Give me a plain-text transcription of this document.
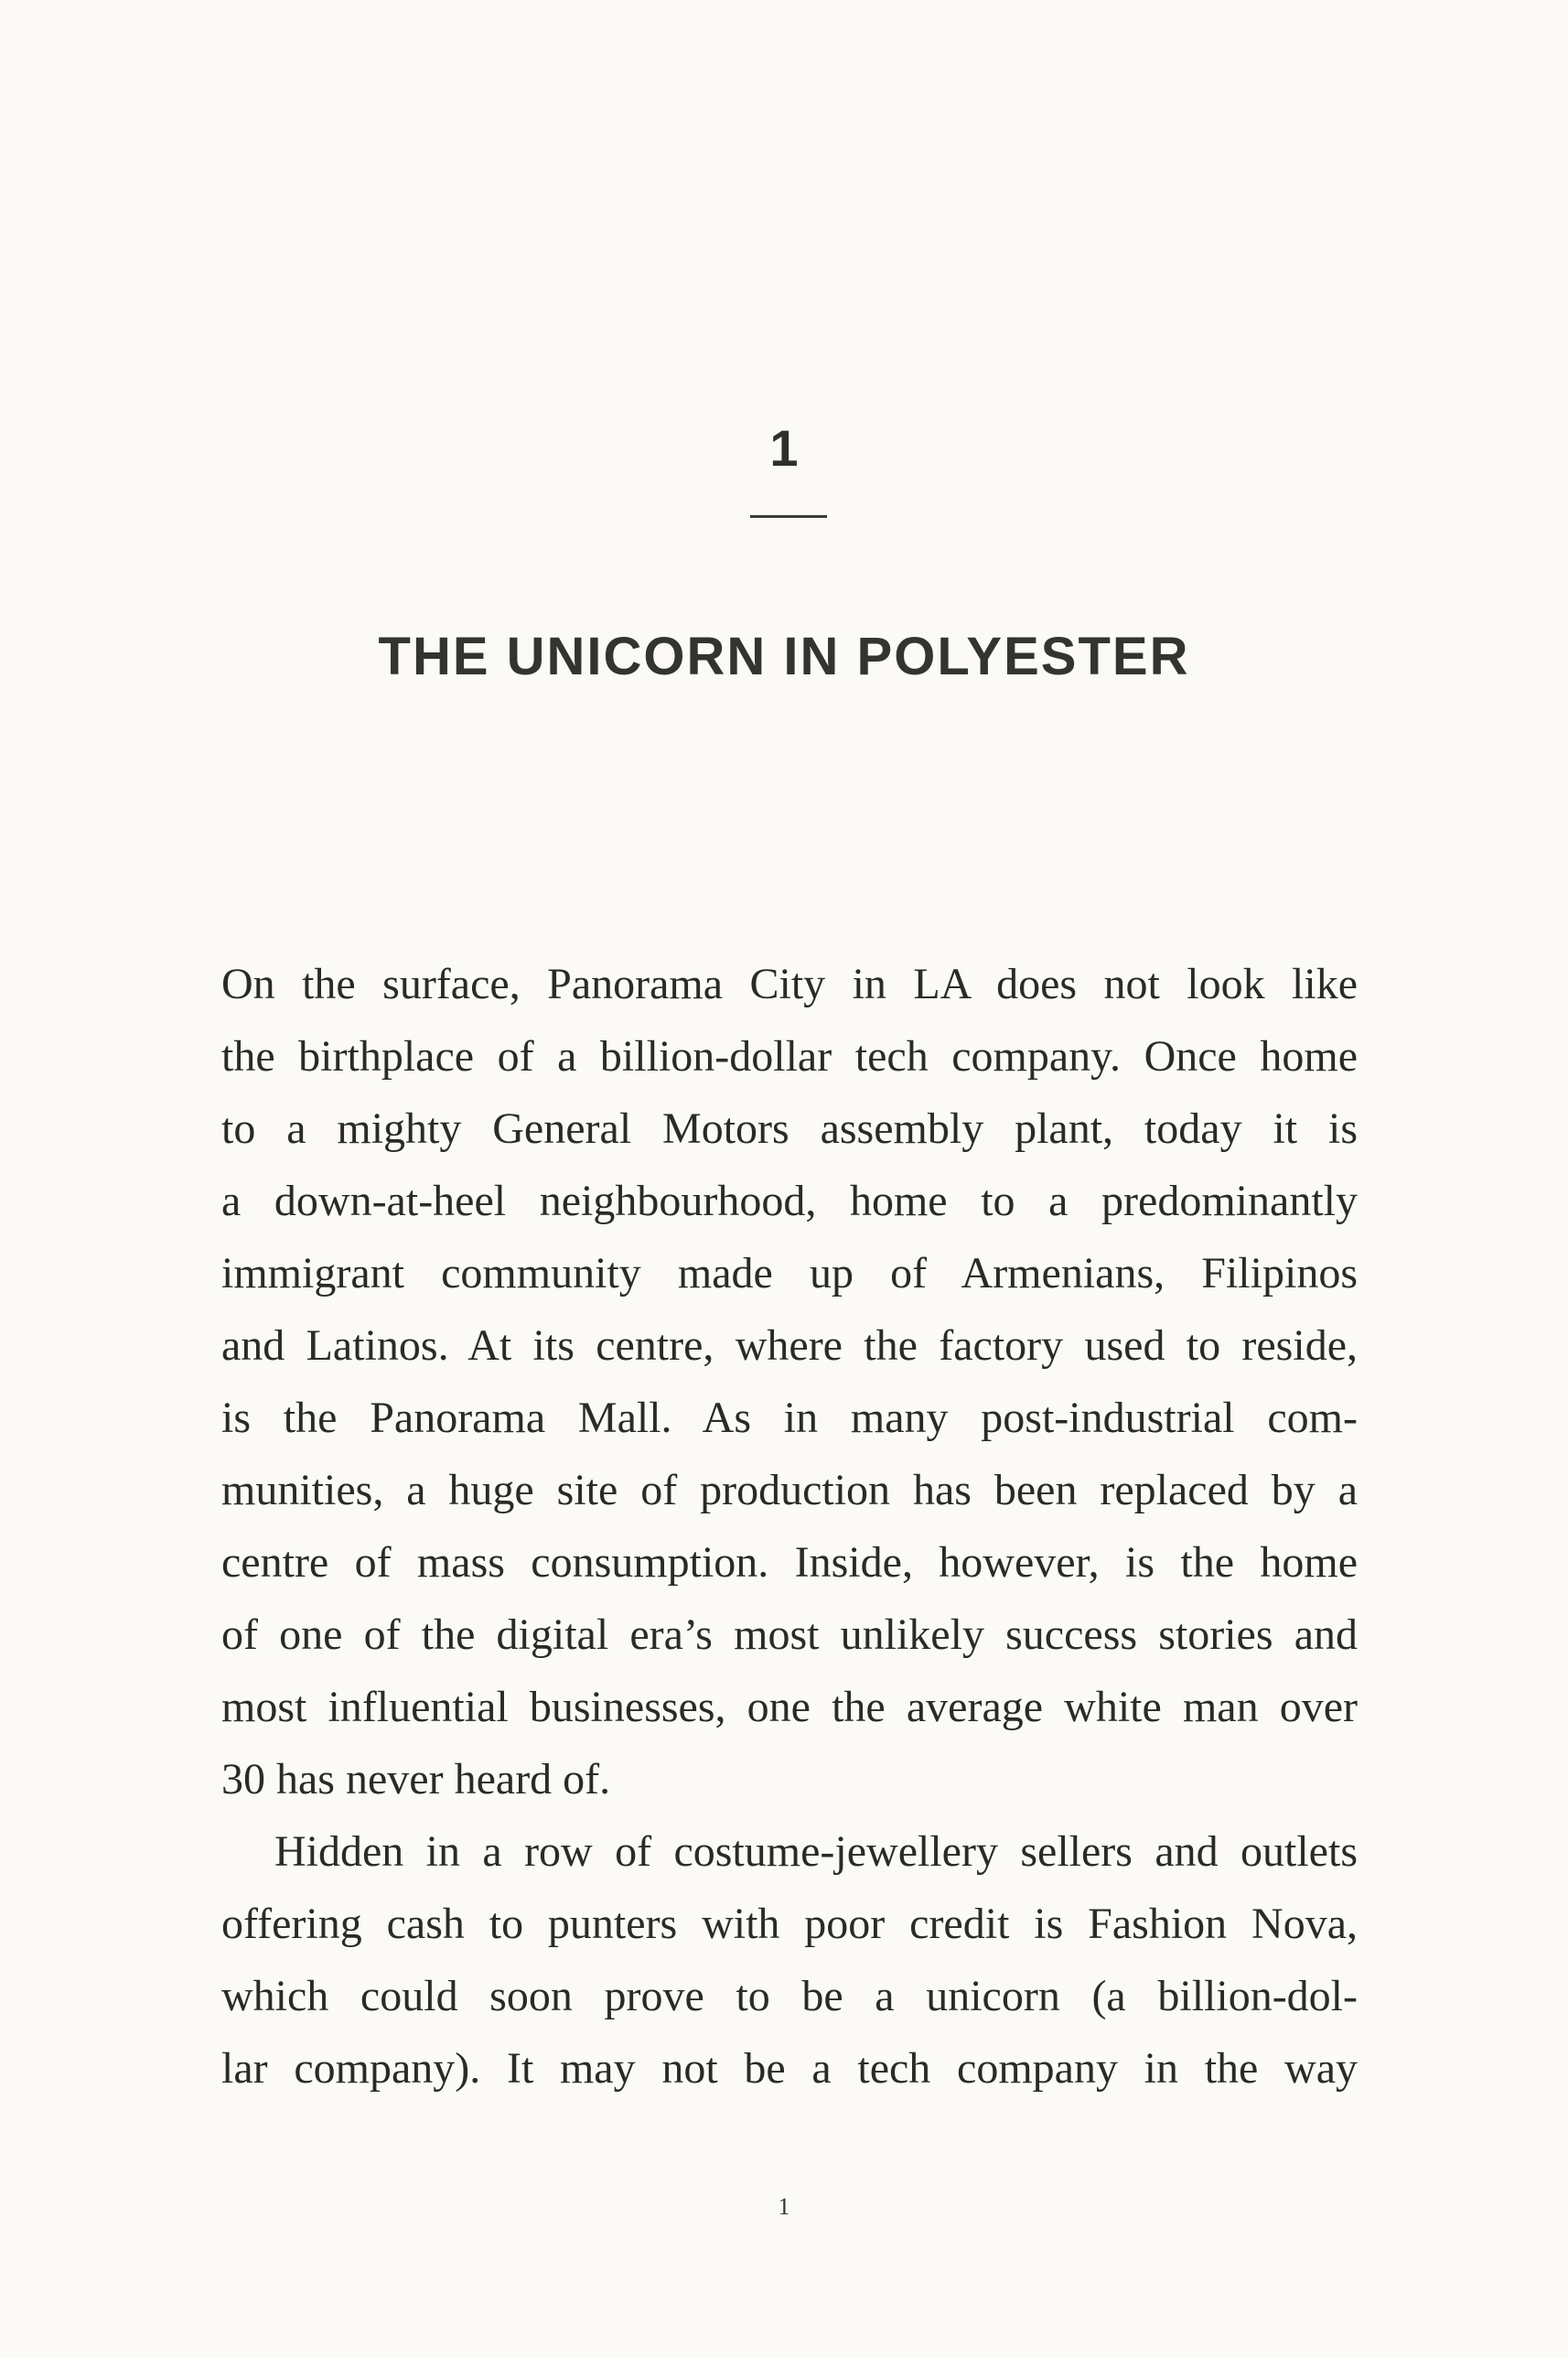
1
THE UNICORN IN POLYESTER
On the surface, Panorama City in LA does not look like
the birthplace of a billion-dollar tech company. Once home
to a mighty General Motors assembly plant, today it is
a down-at-heel neighbourhood, home to a predominantly
immigrant community made up of Armenians, Filipinos
and Latinos. At its centre, where the factory used to reside,
is the Panorama Mall. As in many post-industrial com-
munities, a huge site of production has been replaced by a
centre of mass consumption. Inside, however, is the home
of one of the digital era’s most unlikely success stories and
most influential businesses, one the average white man over
30 has never heard of.
Hidden in a row of costume-jewellery sellers and outlets
offering cash to punters with poor credit is Fashion Nova,
which could soon prove to be a unicorn (a billion-dol-
lar company). It may not be a tech company in the way
1
